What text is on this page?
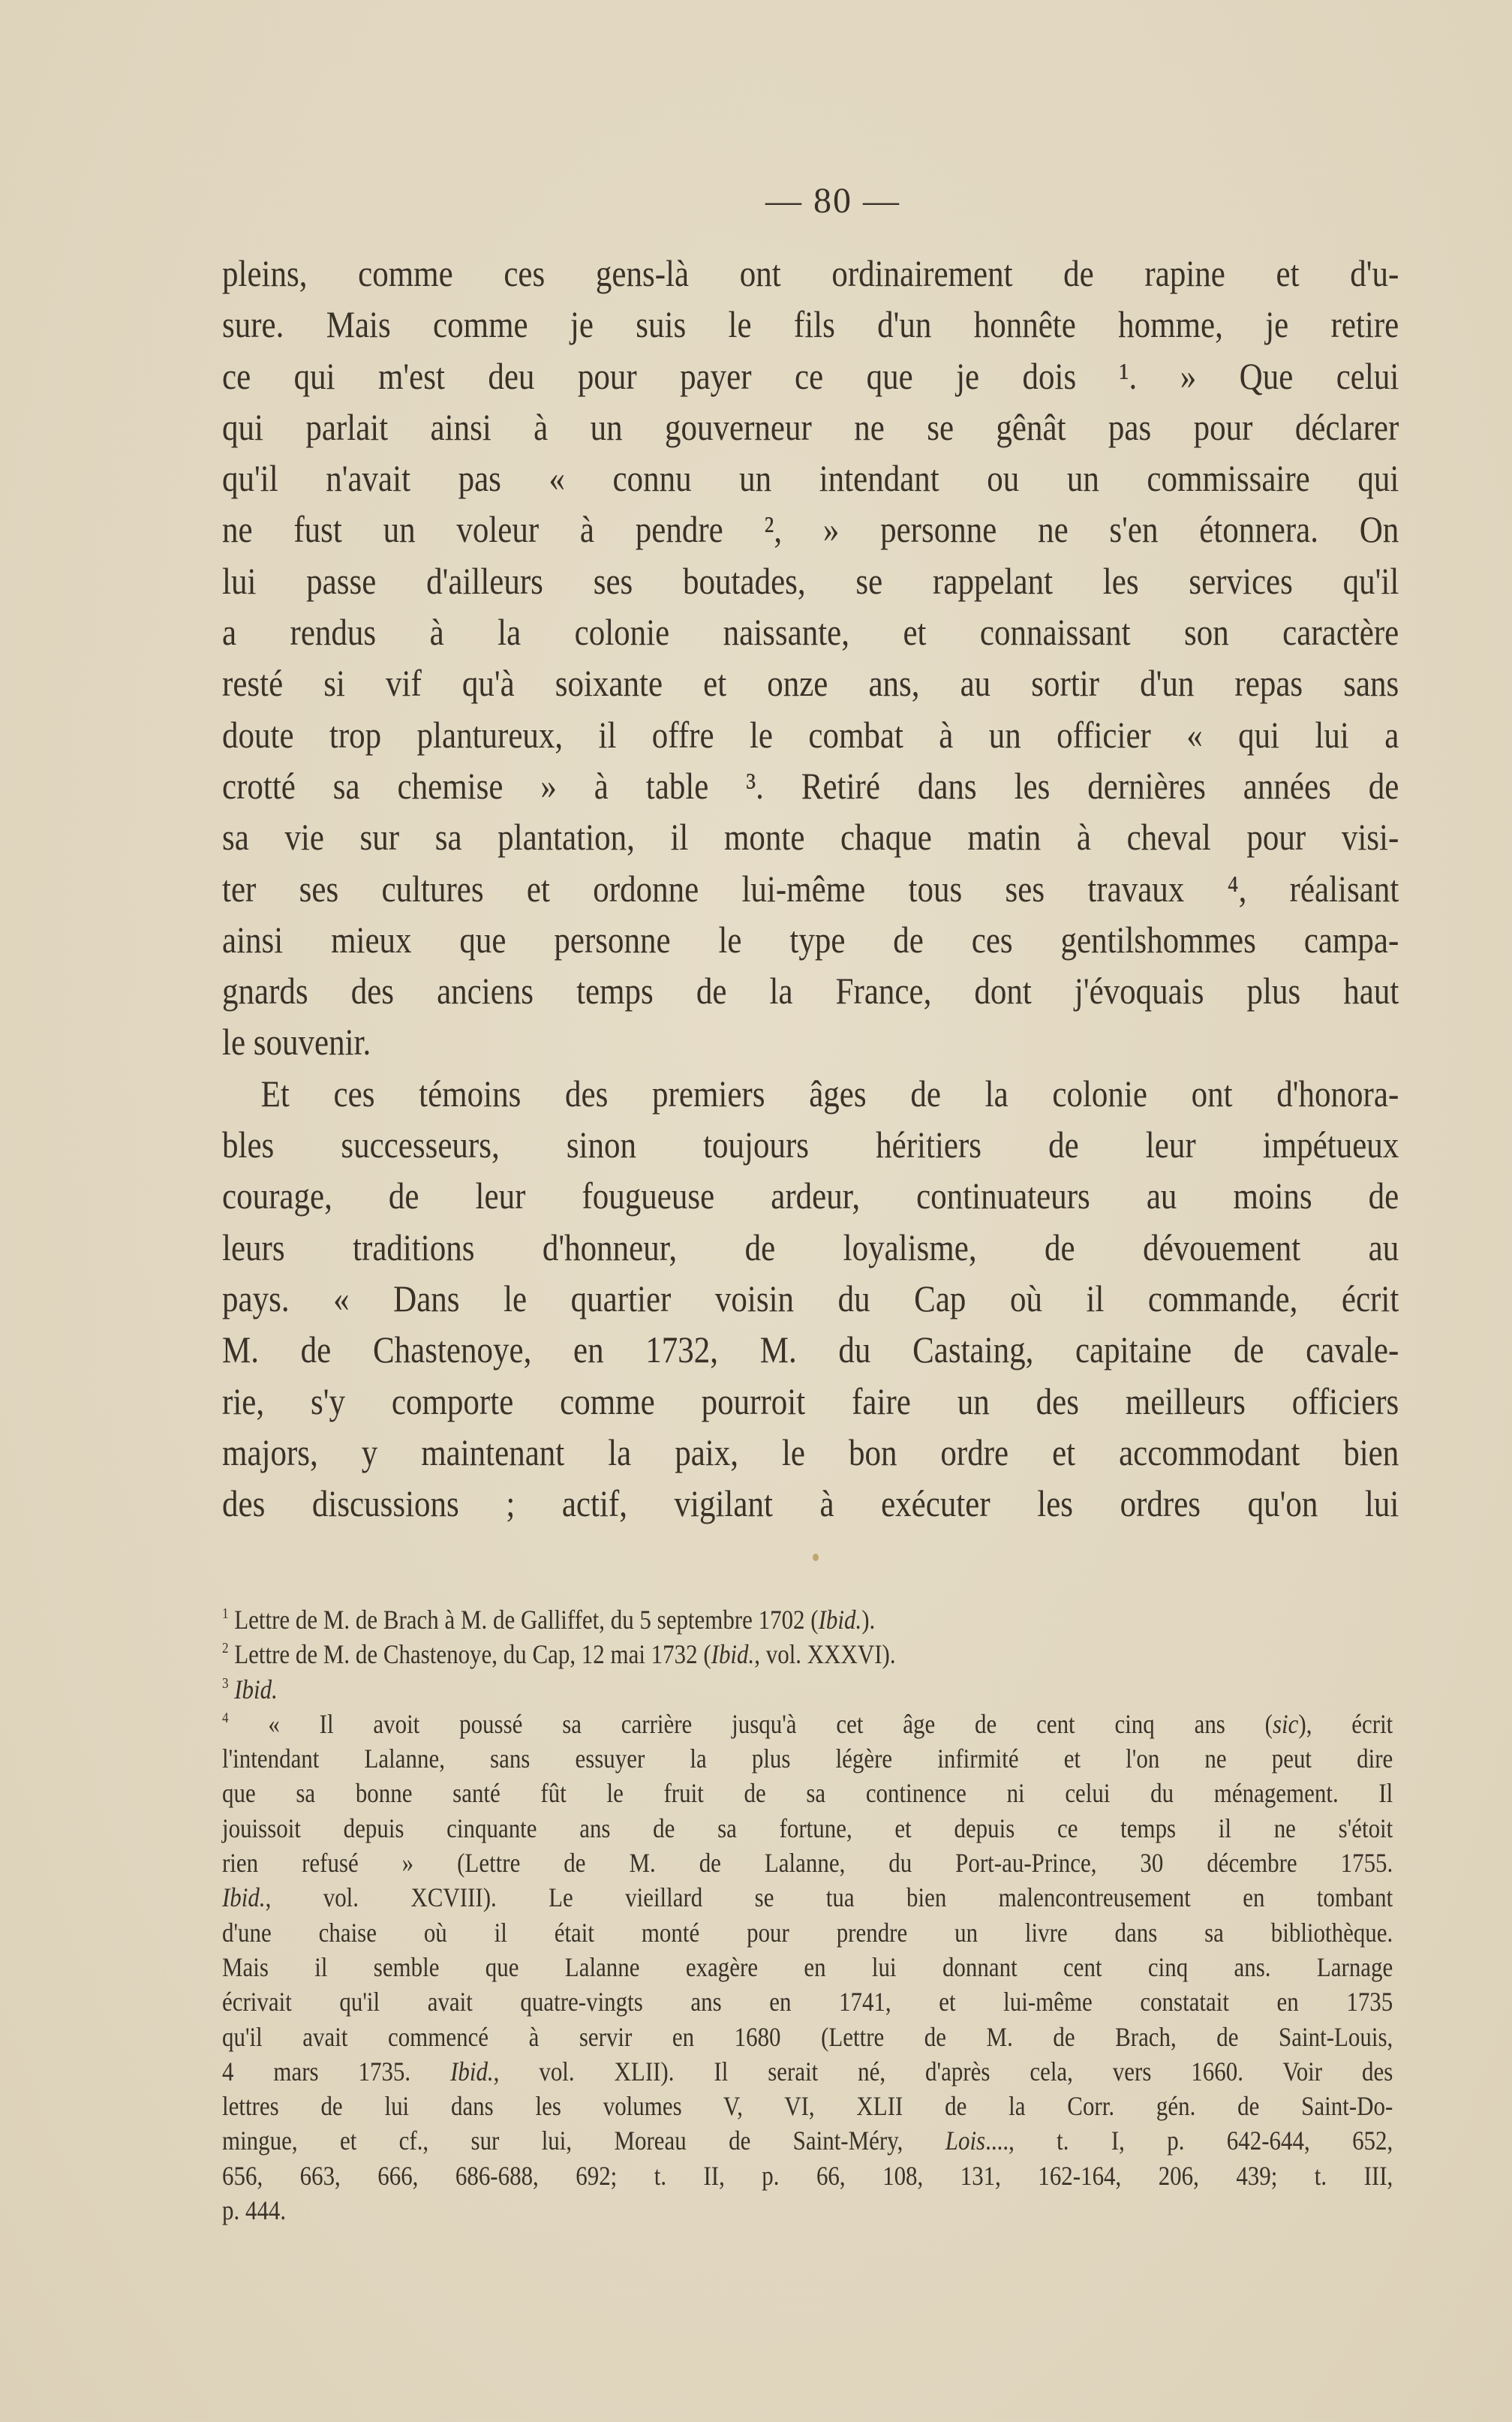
— 80 —
pleins, comme ces gens-là ont ordinairement de rapine et d'u-
sure. Mais comme je suis le fils d'un honnête homme, je retire
ce qui m'est deu pour payer ce que je dois ¹. » Que celui
qui parlait ainsi à un gouverneur ne se gênât pas pour déclarer
qu'il n'avait pas « connu un intendant ou un commissaire qui
ne fust un voleur à pendre ², » personne ne s'en étonnera. On
lui passe d'ailleurs ses boutades, se rappelant les services qu'il
a rendus à la colonie naissante, et connaissant son caractère
resté si vif qu'à soixante et onze ans, au sortir d'un repas sans
doute trop plantureux, il offre le combat à un officier « qui lui a
crotté sa chemise » à table ³. Retiré dans les dernières années de
sa vie sur sa plantation, il monte chaque matin à cheval pour visi-
ter ses cultures et ordonne lui-même tous ses travaux ⁴, réalisant
ainsi mieux que personne le type de ces gentilshommes campa-
gnards des anciens temps de la France, dont j'évoquais plus haut
le souvenir.
Et ces témoins des premiers âges de la colonie ont d'honora-
bles successeurs, sinon toujours héritiers de leur impétueux
courage, de leur fougueuse ardeur, continuateurs au moins de
leurs traditions d'honneur, de loyalisme, de dévouement au
pays. « Dans le quartier voisin du Cap où il commande, écrit
M. de Chastenoye, en 1732, M. du Castaing, capitaine de cavale-
rie, s'y comporte comme pourroit faire un des meilleurs officiers
majors, y maintenant la paix, le bon ordre et accommodant bien
des discussions ; actif, vigilant à exécuter les ordres qu'on lui
$^1$ Lettre de M. de Brach à M. de Galliffet, du 5 septembre 1702 (Ibid.).
$^2$ Lettre de M. de Chastenoye, du Cap, 12 mai 1732 (Ibid., vol. XXXVI).
$^3$ Ibid.
$^4$ « Il avoit poussé sa carrière jusqu'à cet âge de cent cinq ans (sic), écrit
l'intendant Lalanne, sans essuyer la plus légère infirmité et l'on ne peut dire
que sa bonne santé fût le fruit de sa continence ni celui du ménagement. Il
jouissoit depuis cinquante ans de sa fortune, et depuis ce temps il ne s'étoit
rien refusé » (Lettre de M. de Lalanne, du Port-au-Prince, 30 décembre 1755.
Ibid., vol. XCVIII). Le vieillard se tua bien malencontreusement en tombant
d'une chaise où il était monté pour prendre un livre dans sa bibliothèque.
Mais il semble que Lalanne exagère en lui donnant cent cinq ans. Larnage
écrivait qu'il avait quatre-vingts ans en 1741, et lui-même constatait en 1735
qu'il avait commencé à servir en 1680 (Lettre de M. de Brach, de Saint-Louis,
4 mars 1735. Ibid., vol. XLII). Il serait né, d'après cela, vers 1660. Voir des
lettres de lui dans les volumes V, VI, XLII de la Corr. gén. de Saint-Do-
mingue, et cf., sur lui, Moreau de Saint-Méry, Lois...., t. I, p. 642-644, 652,
656, 663, 666, 686-688, 692; t. II, p. 66, 108, 131, 162-164, 206, 439; t. III,
p. 444.
